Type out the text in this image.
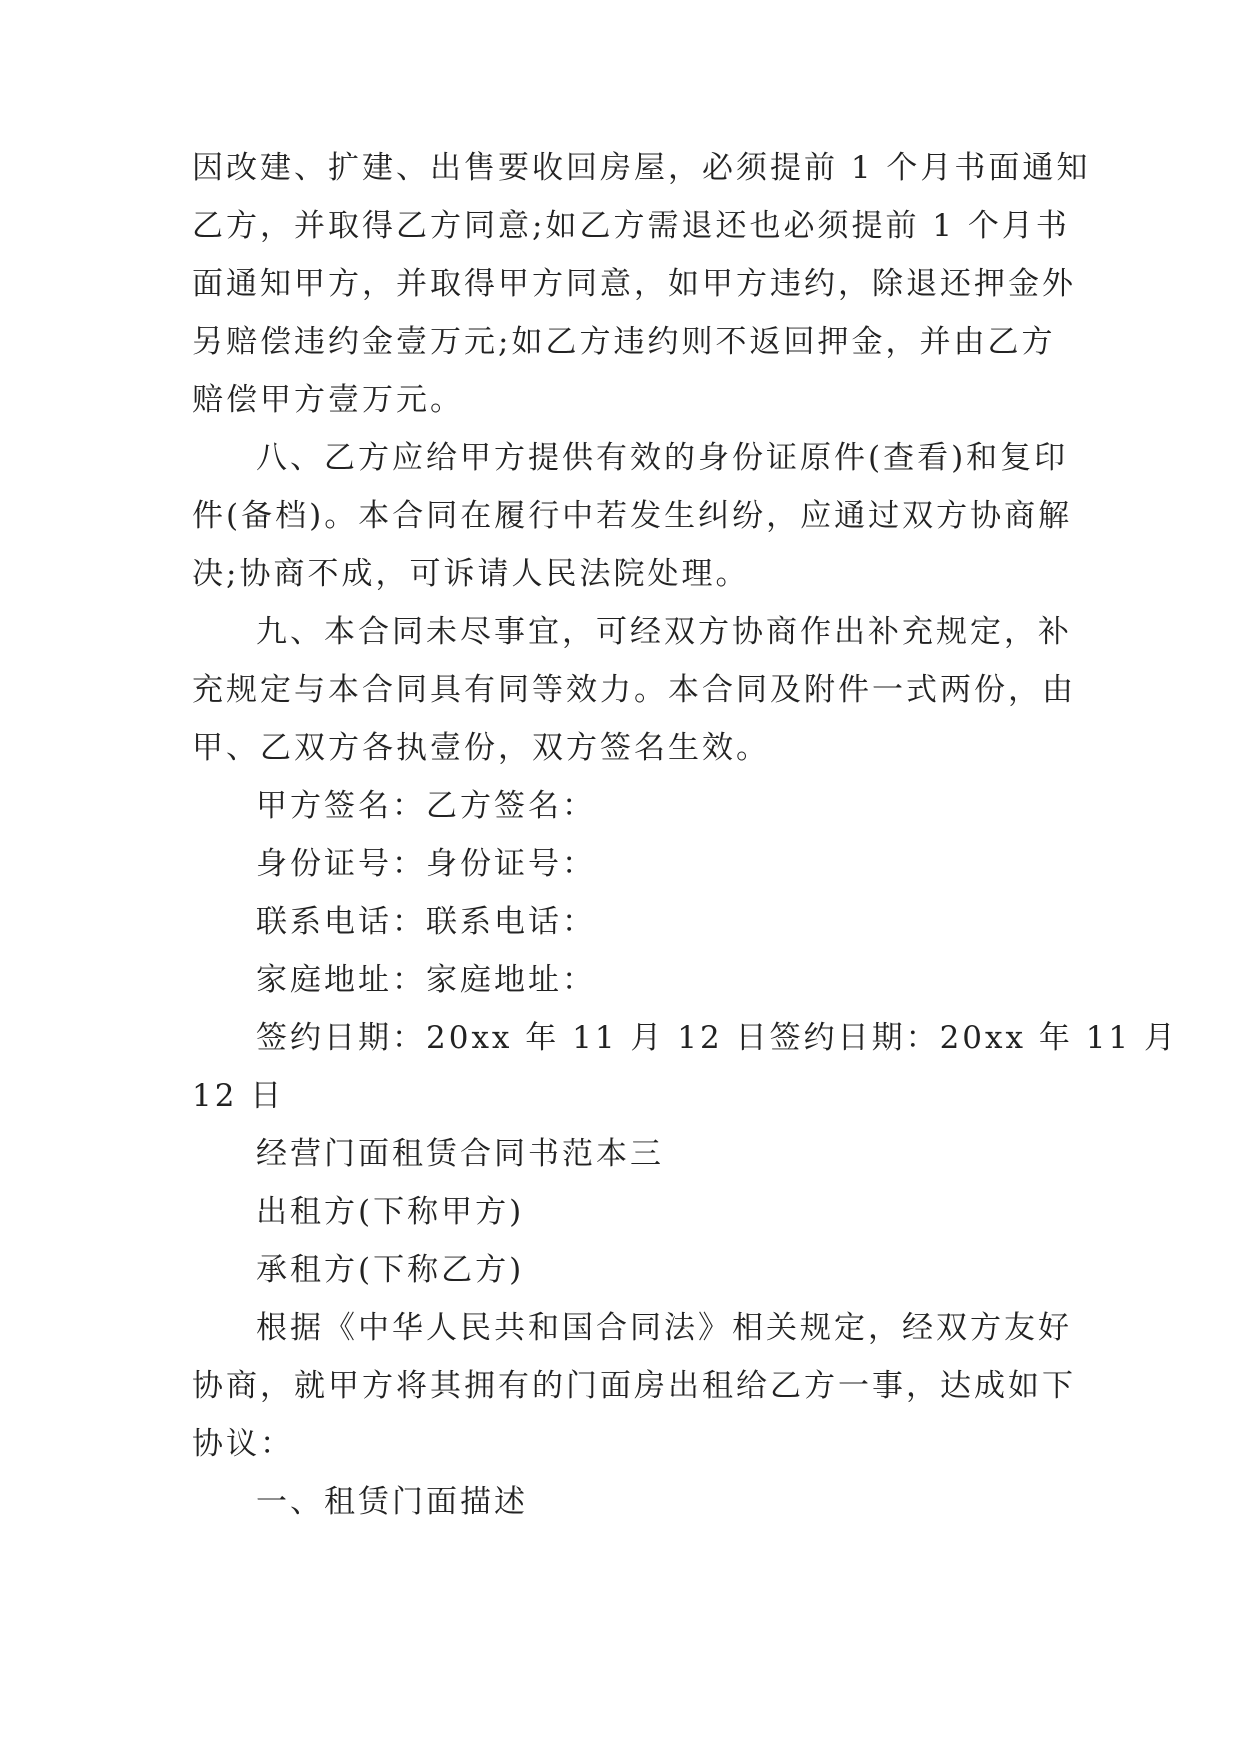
因改建、扩建、出售要收回房屋，必须提前 1 个月书面通知
乙方，并取得乙方同意;如乙方需退还也必须提前 1 个月书
面通知甲方，并取得甲方同意，如甲方违约，除退还押金外
另赔偿违约金壹万元;如乙方违约则不返回押金，并由乙方
赔偿甲方壹万元。
八、乙方应给甲方提供有效的身份证原件(查看)和复印
件(备档)。本合同在履行中若发生纠纷，应通过双方协商解
决;协商不成，可诉请人民法院处理。
九、本合同未尽事宜，可经双方协商作出补充规定，补
充规定与本合同具有同等效力。本合同及附件一式两份，由
甲、乙双方各执壹份，双方签名生效。
甲方签名：乙方签名：
身份证号：身份证号：
联系电话：联系电话：
家庭地址：家庭地址：
签约日期：20xx 年 11 月 12 日签约日期：20xx 年 11 月
12 日
经营门面租赁合同书范本三
出租方(下称甲方)
承租方(下称乙方)
根据《中华人民共和国合同法》相关规定，经双方友好
协商，就甲方将其拥有的门面房出租给乙方一事，达成如下
协议：
一、租赁门面描述
